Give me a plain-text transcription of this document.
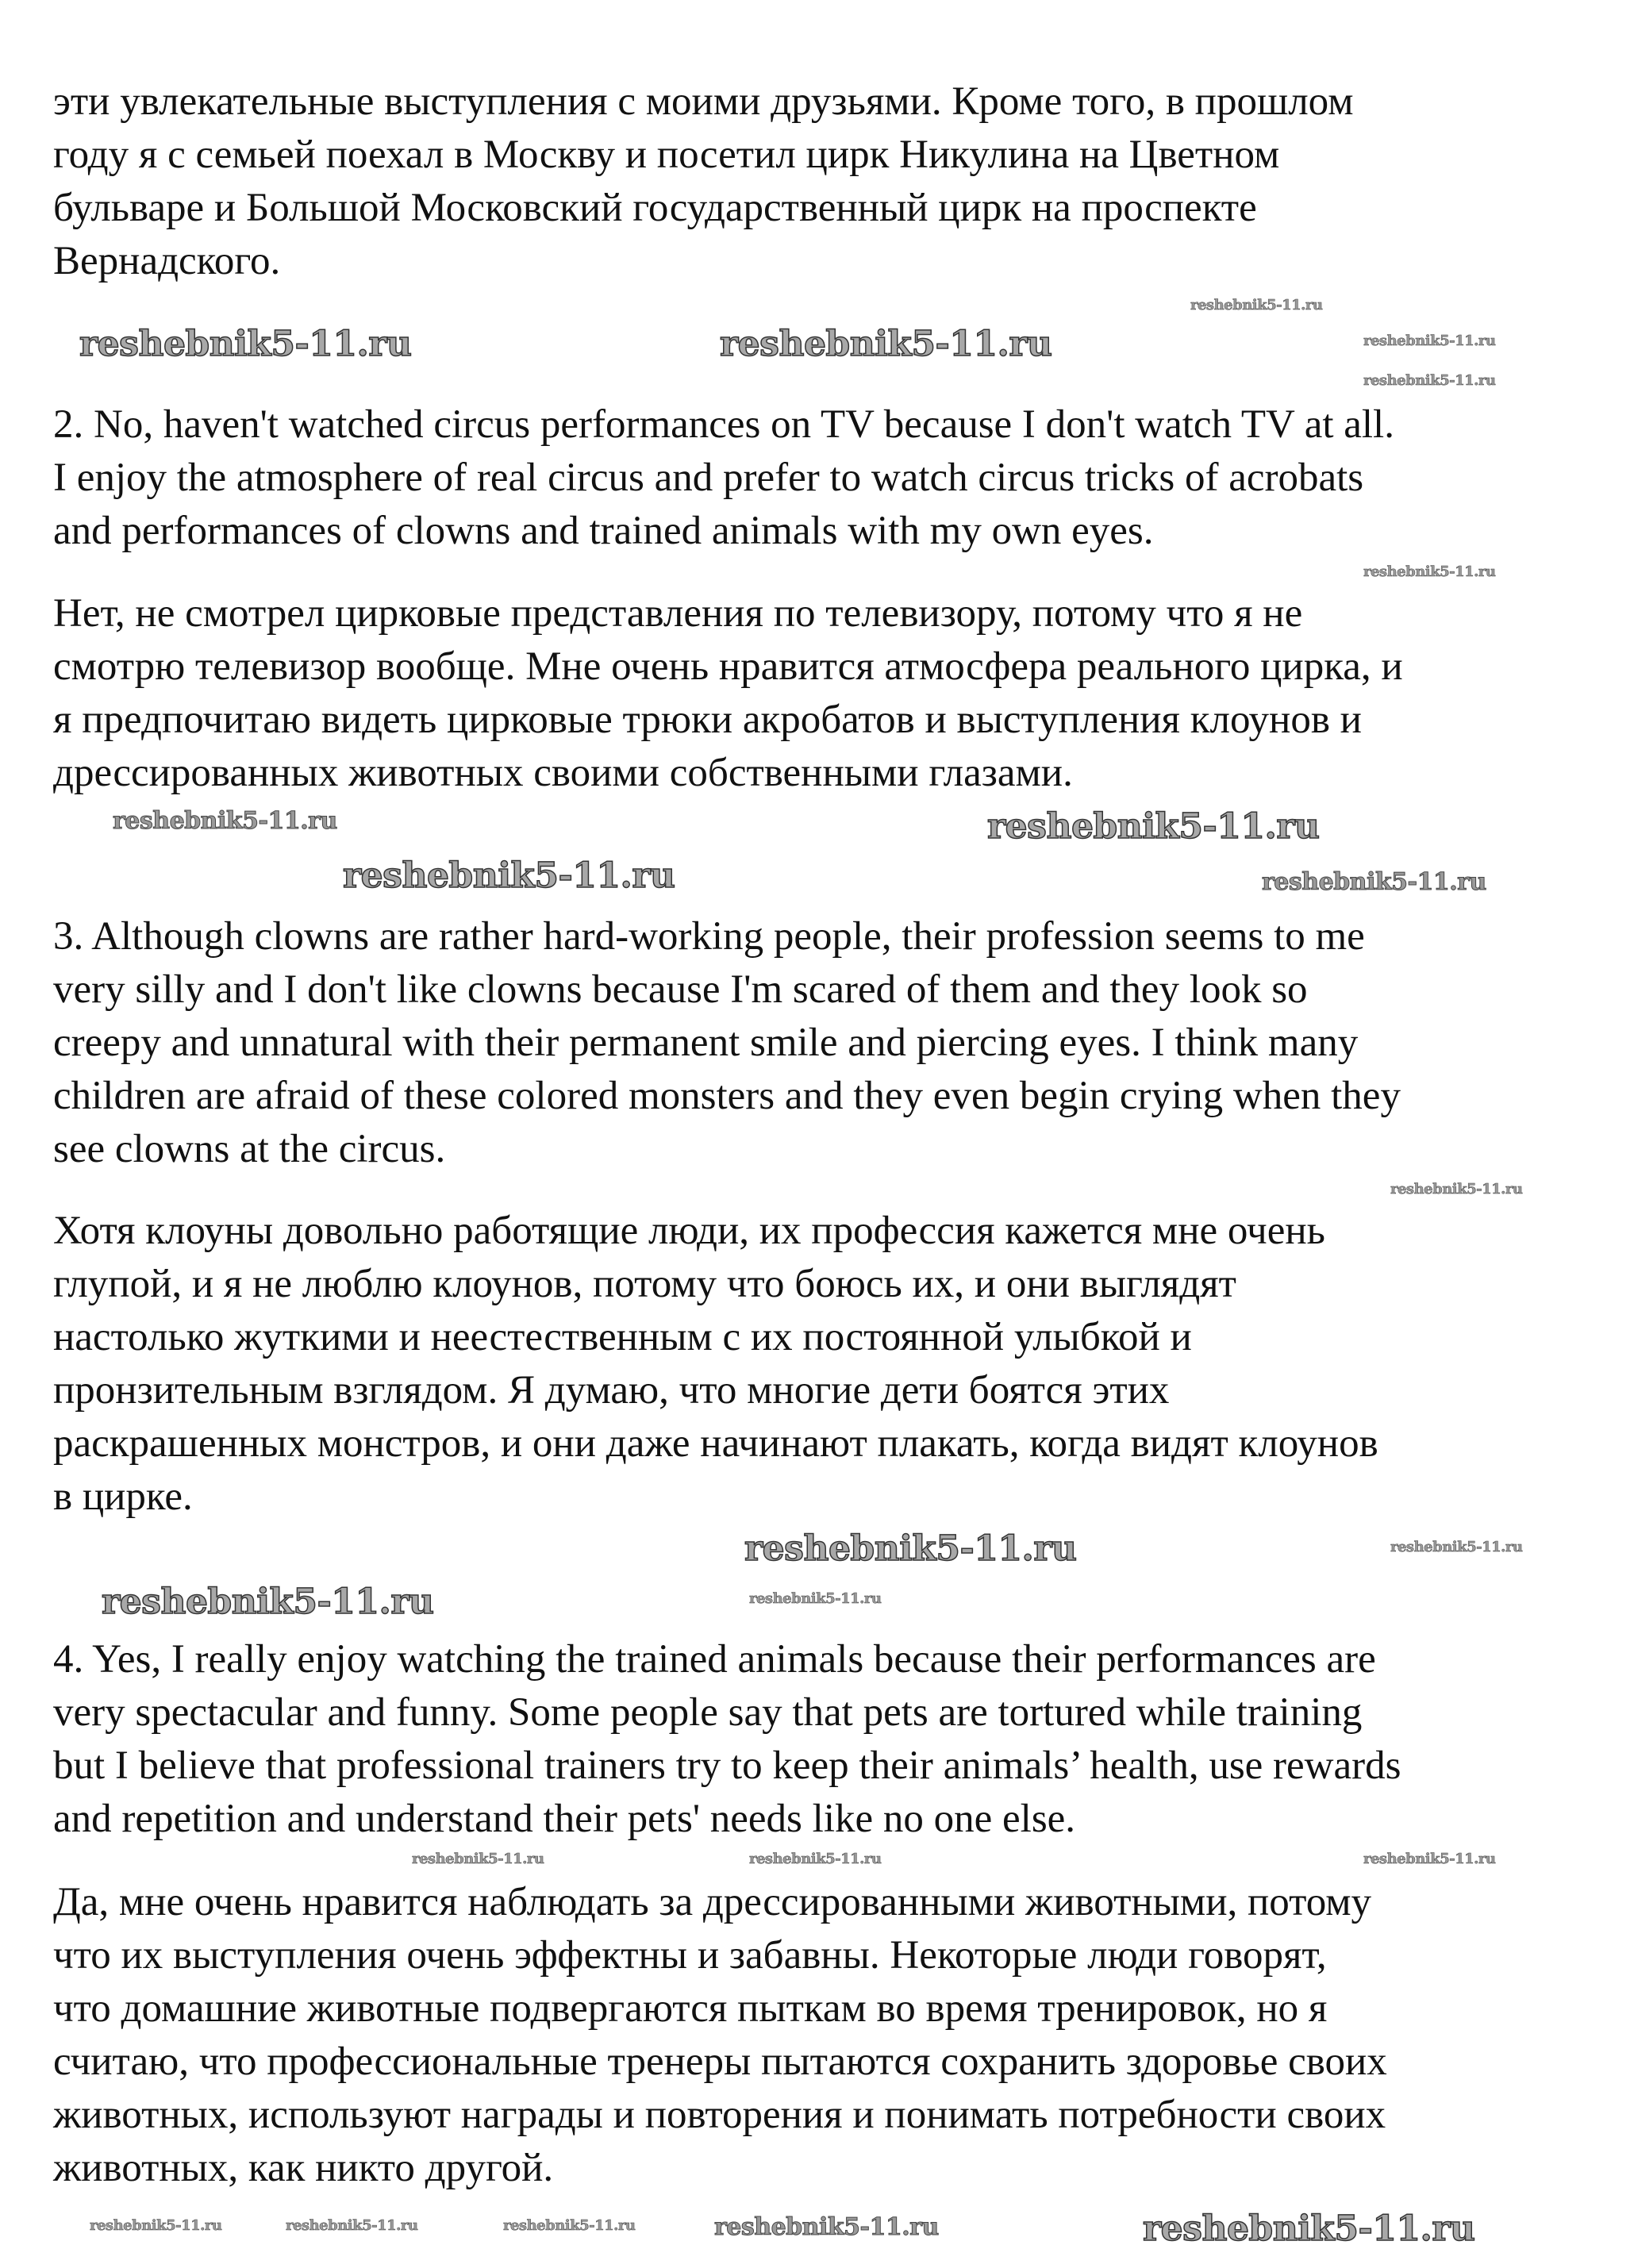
эти увлекательные выступления с моими друзьями. Кроме того, в прошлом
году я с семьей поехал в Москву и посетил цирк Никулина на Цветном
бульваре и Большой Московский государственный цирк на проспекте
Вернадского.
2. No, haven't watched circus performances on TV because I don't watch TV at all.
I enjoy the atmosphere of real circus and prefer to watch circus tricks of acrobats
and performances of clowns and trained animals with my own eyes.
Нет, не смотрел цирковые представления по телевизору, потому что я не
смотрю телевизор вообще. Мне очень нравится атмосфера реального цирка, и
я предпочитаю видеть цирковые трюки акробатов и выступления клоунов и
дрессированных животных своими собственными глазами.
3. Although clowns are rather hard-working people, their profession seems to me
very silly and I don't like clowns because I'm scared of them and they look so
creepy and unnatural with their permanent smile and piercing eyes. I think many
children are afraid of these colored monsters and they even begin crying when they
see clowns at the circus.
Хотя клоуны довольно работящие люди, их профессия кажется мне очень
глупой, и я не люблю клоунов, потому что боюсь их, и они выглядят
настолько жуткими и неестественным с их постоянной улыбкой и
пронзительным взглядом. Я думаю, что многие дети боятся этих
раскрашенных монстров, и они даже начинают плакать, когда видят клоунов
в цирке.
4. Yes, I really enjoy watching the trained animals because their performances are
very spectacular and funny. Some people say that pets are tortured while training
but I believe that professional trainers try to keep their animals’ health, use rewards
and repetition and understand their pets' needs like no one else.
Да, мне очень нравится наблюдать за дрессированными животными, потому
что их выступления очень эффектны и забавны. Некоторые люди говорят,
что домашние животные подвергаются пыткам во время тренировок, но я
считаю, что профессиональные тренеры пытаются сохранить здоровье своих
животных, используют награды и повторения и понимать потребности своих
животных, как никто другой.
reshebnik5-11.ru
reshebnik5-11.ru
reshebnik5-11.ru
reshebnik5-11.ru	reshebnik5-11.ru
reshebnik5-11.ru
reshebnik5-11.ru
reshebnik5-11.ru
reshebnik5-11.ru	reshebnik5-11.ru
reshebnik5-11.ru
reshebnik5-11.ru	reshebnik5-11.ru
reshebnik5-11.ru	reshebnik5-11.ru
reshebnik5-11.ru	reshebnik5-11.ru	reshebnik5-11.ru
reshebnik5-11.ru	reshebnik5-11.ru	reshebnik5-11.ru	reshebnik5-11.ru	reshebnik5-11.ru
